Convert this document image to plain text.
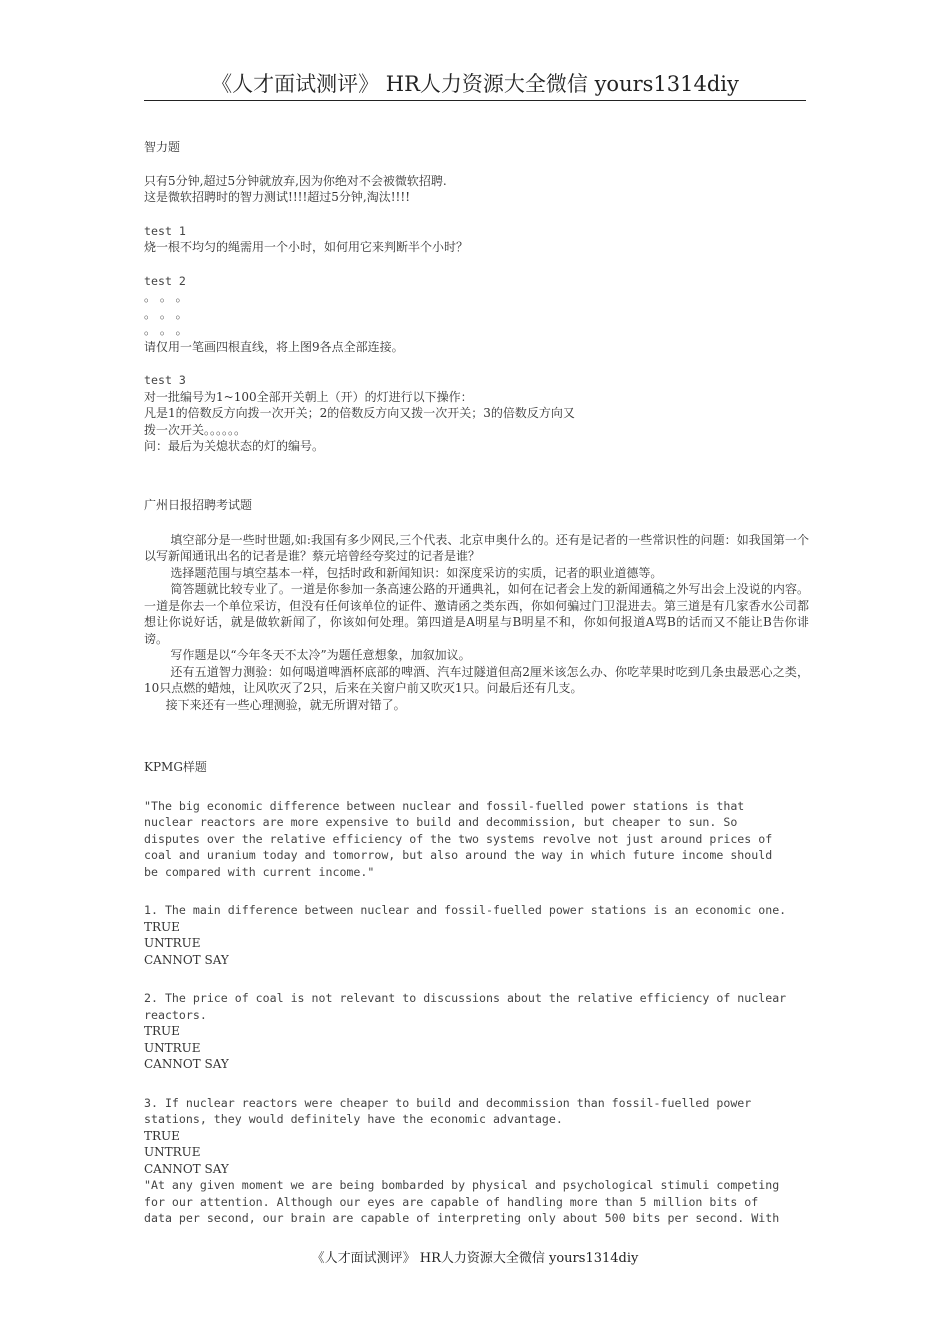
《人才面试测评》 HR人力资源大全微信 yours1314diy
智力题
只有5分钟,超过5分钟就放弃,因为你绝对不会被微软招聘.
这是微软招聘时的智力测试!!!!超过5分钟,淘汰!!!!
test 1
烧一根不均匀的绳需用一个小时，如何用它来判断半个小时？
test 2
。 。 。
。 。 。
。 。 。
请仅用一笔画四根直线，将上图9各点全部连接。
test 3
对一批编号为1~100全部开关朝上（开）的灯进行以下操作：
凡是1的倍数反方向拨一次开关；2的倍数反方向又拨一次开关；3的倍数反方向又
拨一次开关。。。。。。
问：最后为关熄状态的灯的编号。
广州日报招聘考试题
填空部分是一些时世题,如:我国有多少网民,三个代表、北京申奥什么的。还有是记者的一些常识性的问题：如我国第一个以写新闻通讯出名的记者是谁？蔡元培曾经夸奖过的记者是谁？
选择题范围与填空基本一样，包括时政和新闻知识：如深度采访的实质，记者的职业道德等。
简答题就比较专业了。一道是你参加一条高速公路的开通典礼，如何在记者会上发的新闻通稿之外写出会上没说的内容。一道是你去一个单位采访，但没有任何该单位的证件、邀请函之类东西，你如何骗过门卫混进去。第三道是有几家香水公司都想让你说好话，就是做软新闻了，你该如何处理。第四道是A明星与B明星不和，你如何报道A骂B的话而又不能让B告你诽谤。
写作题是以“今年冬天不太冷”为题任意想象，加叙加议。
还有五道智力测验：如何喝道啤酒杯底部的啤酒、汽车过隧道但高2厘米该怎么办、你吃苹果时吃到几条虫最恶心之类，10只点燃的蜡烛，让风吹灭了2只，后来在关窗户前又吹灭1只。问最后还有几支。
接下来还有一些心理测验，就无所谓对错了。
KPMG样题
"The big economic difference between nuclear and fossil-fuelled power stations is that
nuclear reactors are more expensive to build and decommission, but cheaper to sun. So
disputes over the relative efficiency of the two systems revolve not just around prices of
coal and uranium today and tomorrow, but also around the way in which future income should
be compared with current income."
1. The main difference between nuclear and fossil-fuelled power stations is an economic one.
TRUE
UNTRUE
CANNOT SAY
2. The price of coal is not relevant to discussions about the relative efficiency of nuclear
reactors.
TRUE
UNTRUE
CANNOT SAY
3. If nuclear reactors were cheaper to build and decommission than fossil-fuelled power
stations, they would definitely have the economic advantage.
TRUE
UNTRUE
CANNOT SAY
"At any given moment we are being bombarded by physical and psychological stimuli competing
for our attention. Although our eyes are capable of handling more than 5 million bits of
data per second, our brain are capable of interpreting only about 500 bits per second. With
《人才面试测评》 HR人力资源大全微信 yours1314diy
